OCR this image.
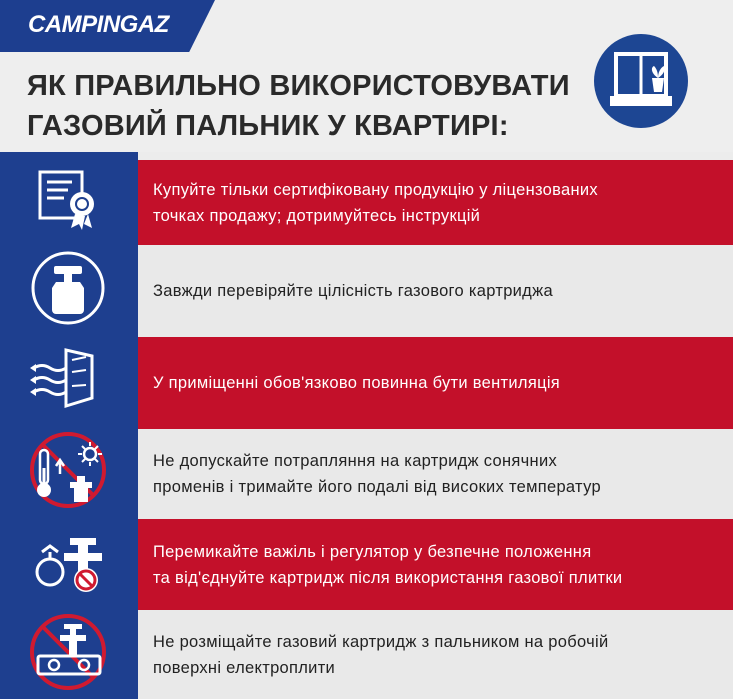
CAMPINGAZ
ЯК ПРАВИЛЬНО ВИКОРИСТОВУВАТИ
ГАЗОВИЙ ПАЛЬНИК У КВАРТИРІ:
Купуйте тільки сертифіковану продукцію у ліцензованих
точках продажу; дотримуйтесь інструкцій
Завжди перевіряйте цілісність газового картриджа
У приміщенні обов'язково повинна бути вентиляція
Не допускайте потрапляння на картридж сонячних
променів і тримайте його подалі від високих температур
Перемикайте важіль і регулятор у безпечне положення
та від'єднуйте картридж після використання газової плитки
Не розміщайте газовий картридж з пальником на робочій
поверхні електроплити
